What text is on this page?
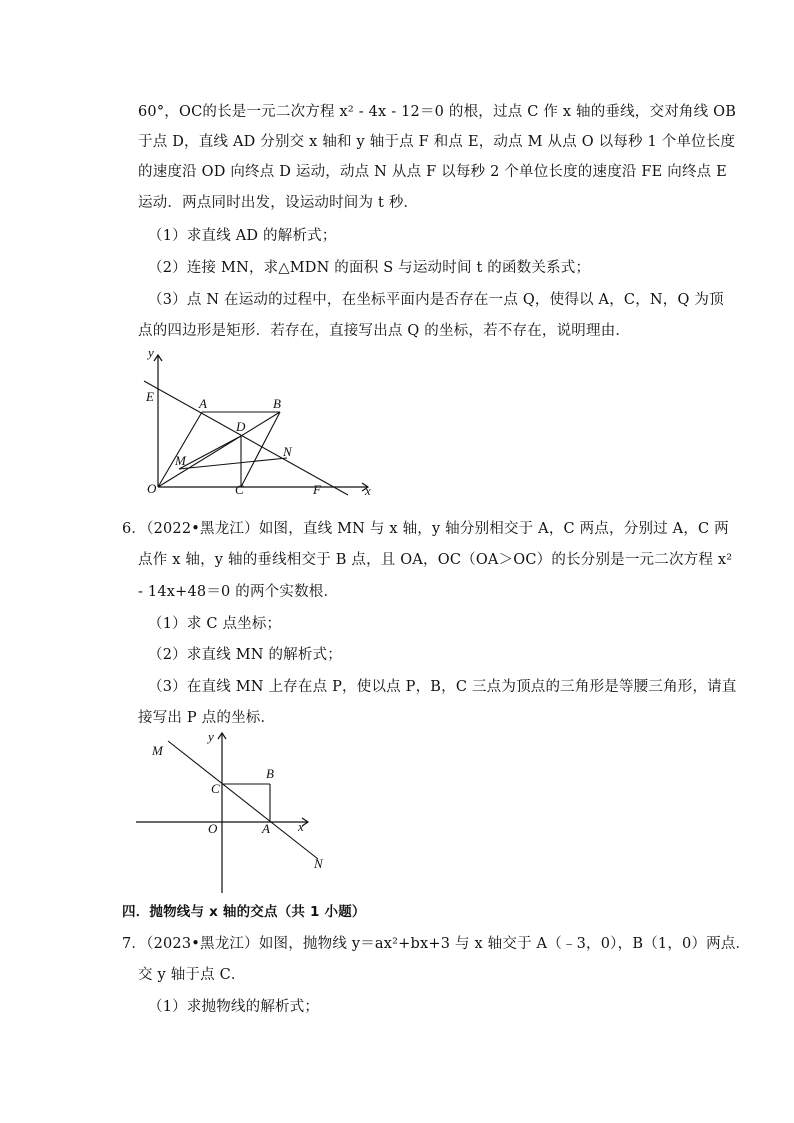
60°，OC的长是一元二次方程 x² - 4x - 12＝0 的根，过点 C 作 x 轴的垂线，交对角线 OB
于点 D，直线 AD 分别交 x 轴和 y 轴于点 F 和点 E，动点 M 从点 O 以每秒 1 个单位长度
的速度沿 OD 向终点 D 运动，动点 N 从点 F 以每秒 2 个单位长度的速度沿 FE 向终点 E
运动．两点同时出发，设运动时间为 t 秒．
（1）求直线 AD 的解析式；
（2）连接 MN，求△MDN 的面积 S 与运动时间 t 的函数关系式；
（3）点 N 在运动的过程中，在坐标平面内是否存在一点 Q，使得以 A，C，N，Q 为顶
点的四边形是矩形．若存在，直接写出点 Q 的坐标，若不存在，说明理由．
y
x
E	A	B
D
M
N
O	C	F
6．（2022•黑龙江）如图，直线 MN 与 x 轴，y 轴分别相交于 A，C 两点，分别过 A，C 两
点作 x 轴，y 轴的垂线相交于 B 点，且 OA，OC（OA＞OC）的长分别是一元二次方程 x²
- 14x+48＝0 的两个实数根．
（1）求 C 点坐标；
（2）求直线 MN 的解析式；
（3）在直线 MN 上存在点 P，使以点 P，B，C 三点为顶点的三角形是等腰三角形，请直
接写出 P 点的坐标．
y
x
M
B
C
O	A
N
四．抛物线与 x 轴的交点（共 1 小题）
7．（2023•黑龙江）如图，抛物线 y＝ax²+bx+3 与 x 轴交于 A（﹣3，0），B（1，0）两点．
交 y 轴于点 C．
（1）求抛物线的解析式；
